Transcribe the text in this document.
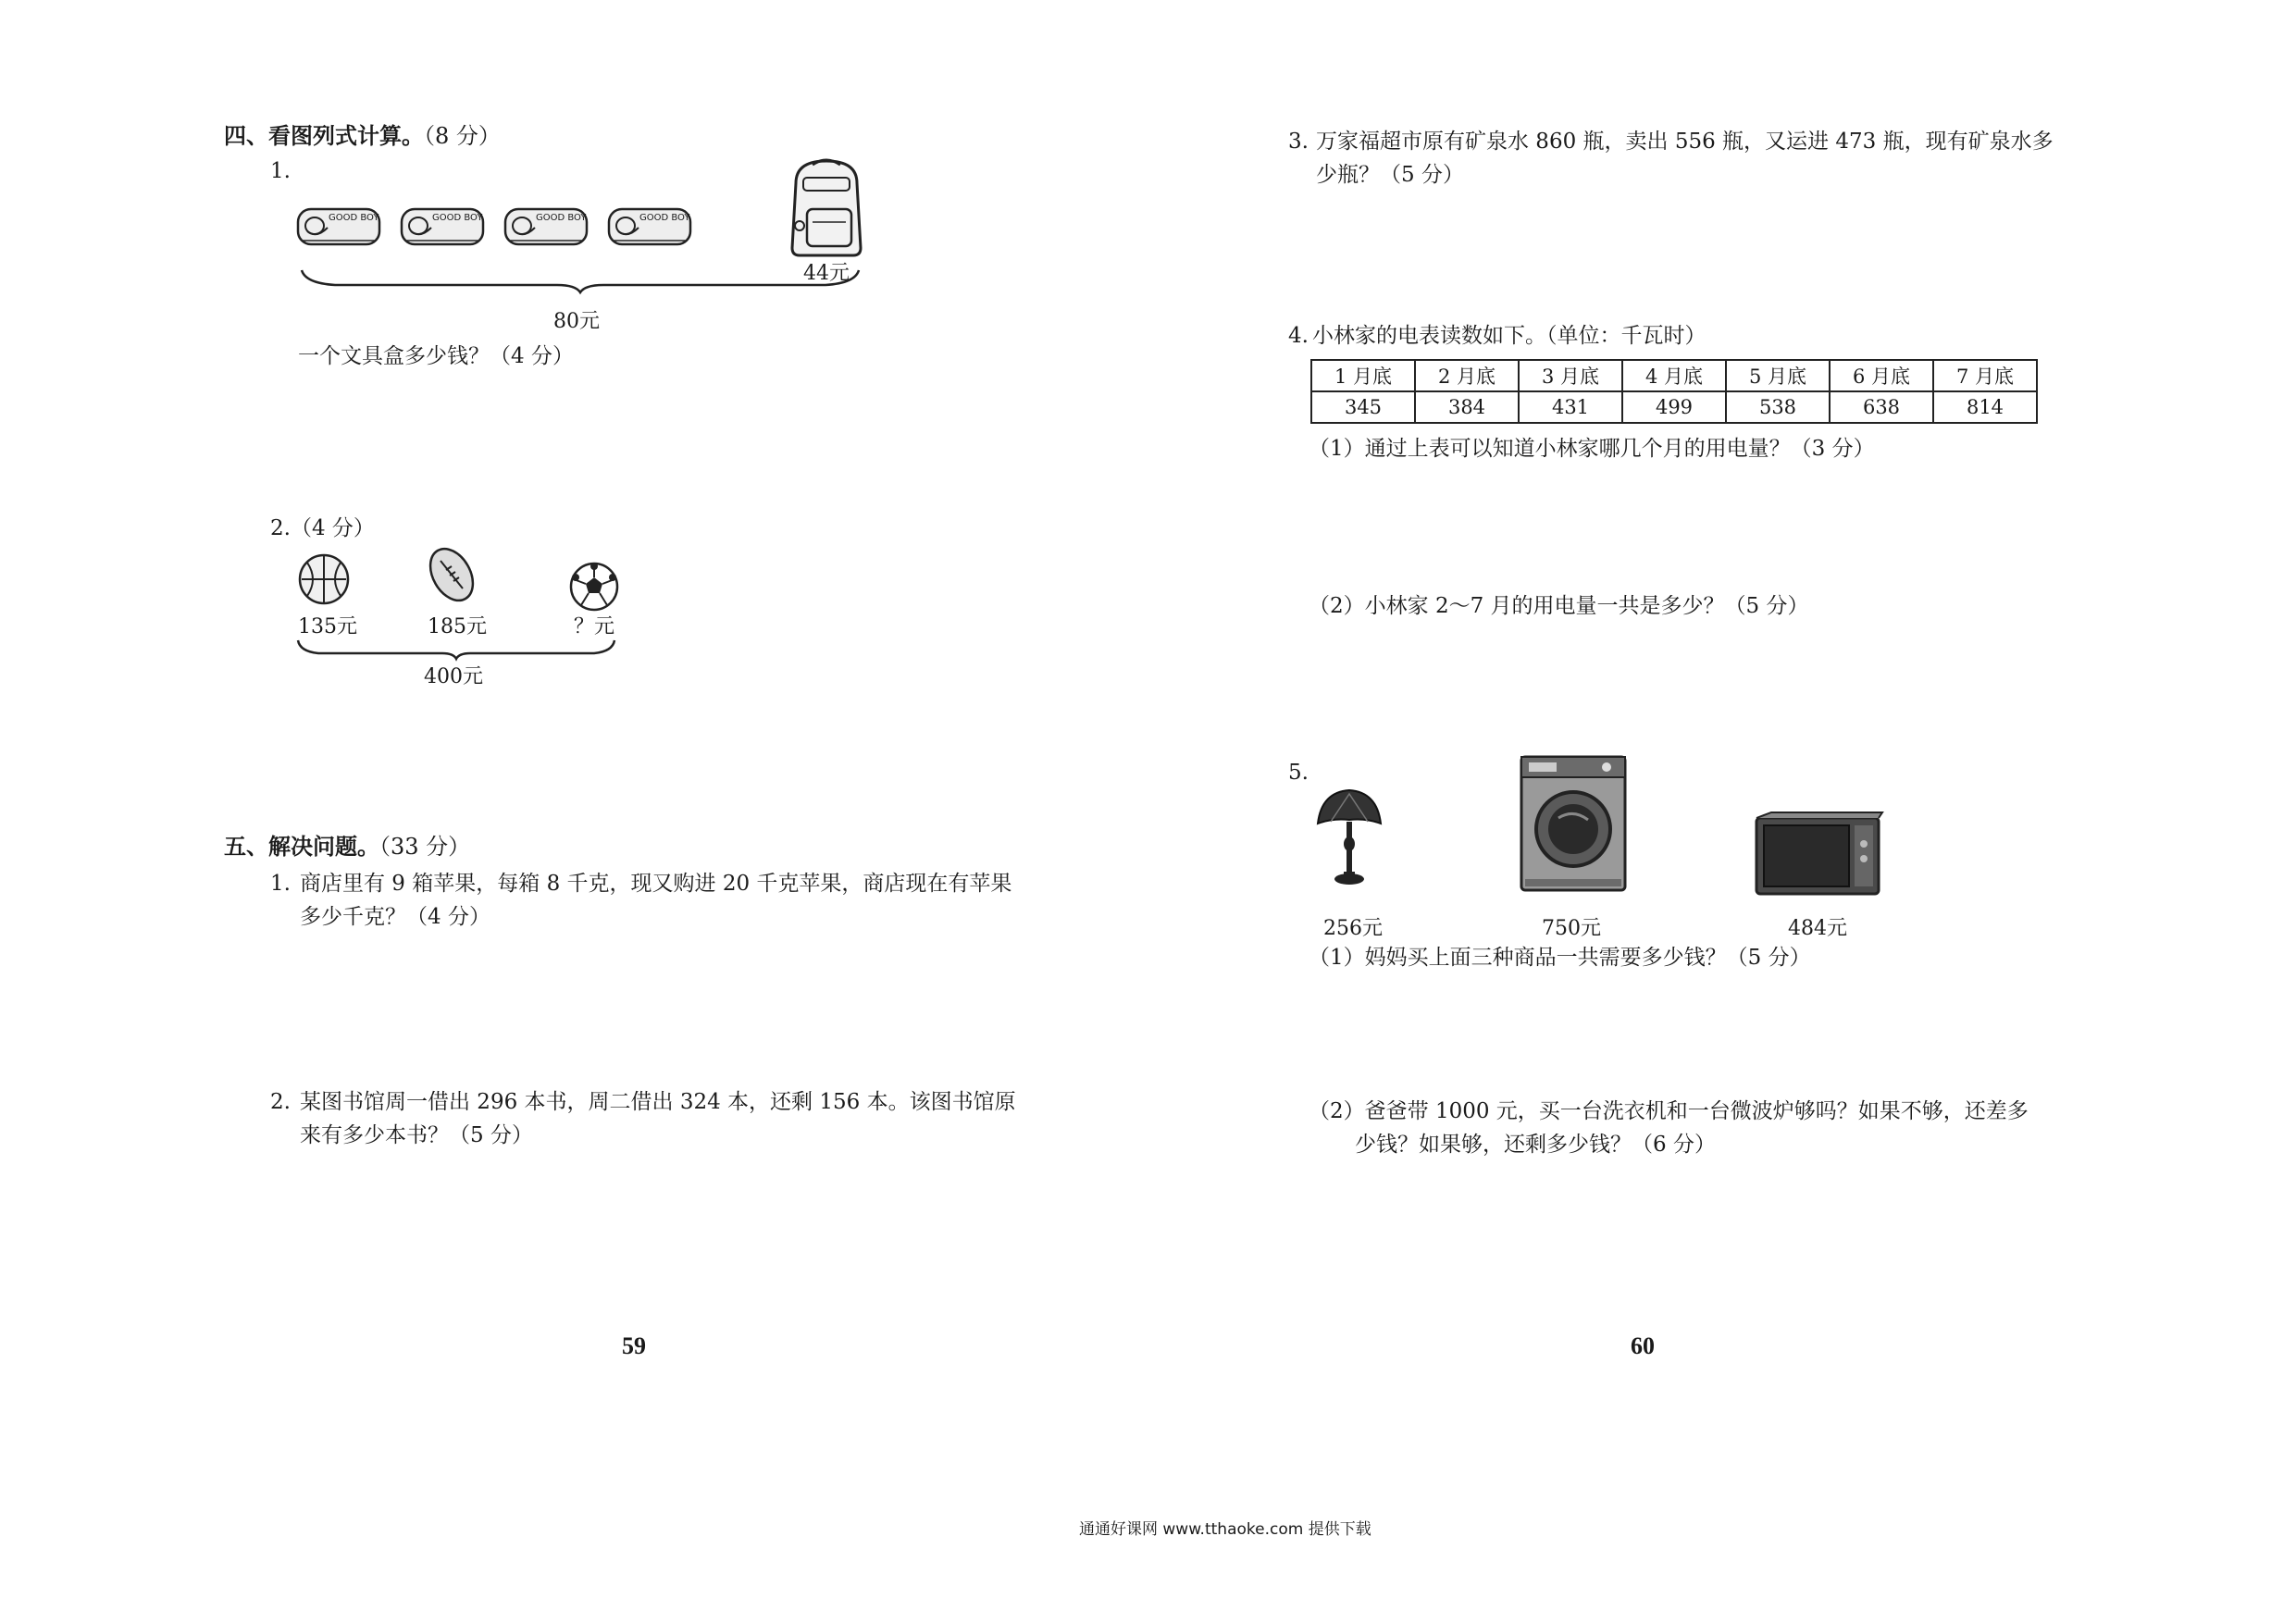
四、看图列式计算。（8 分）
1.
GOOD BOY	GOOD BOY	GOOD BOY	GOOD BOY
44元
80元
一个文具盒多少钱？（4 分）
2.（4 分）
135元	185元	？元
400元
五、解决问题。（33 分）
1. 商店里有 9 箱苹果，每箱 8 千克，现又购进 20 千克苹果，商店现在有苹果
多少千克？（4 分）
2. 某图书馆周一借出 296 本书，周二借出 324 本，还剩 156 本。该图书馆原
来有多少本书？（5 分）
59
3. 万家福超市原有矿泉水 860 瓶，卖出 556 瓶，又运进 473 瓶，现有矿泉水多
少瓶？（5 分）
4. 小林家的电表读数如下。（单位：千瓦时）
1 月底	2 月底	3 月底	4 月底	5 月底	6 月底	7 月底
345	384	431	499	538	638	814
（1）通过上表可以知道小林家哪几个月的用电量？（3 分）
（2）小林家 2～7 月的用电量一共是多少？（5 分）
5.
256元	750元	484元
（1）妈妈买上面三种商品一共需要多少钱？（5 分）
（2）爸爸带 1000 元，买一台洗衣机和一台微波炉够吗？如果不够，还差多
少钱？如果够，还剩多少钱？（6 分）
60
通通好课网 www.tthaoke.com 提供下载
